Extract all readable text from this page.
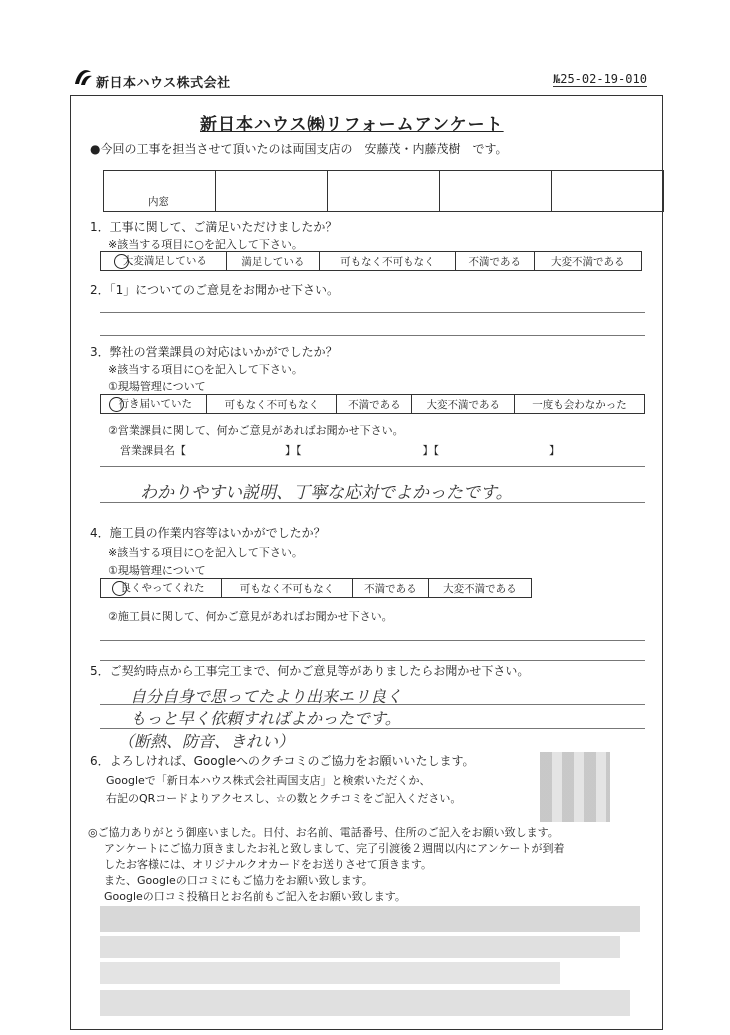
新日本ハウス株式会社	№25-02-19-010
新日本ハウス㈱リフォームアンケート
●今回の工事を担当させて頂いたのは両国支店の　安藤茂・内藤茂樹　です。
内窓				
1．工事に関して、ご満足いただけましたか？
※該当する項目に○を記入して下さい。
大変満足している	満足している	可もなく不可もなく	不満である	大変不満である
2．「1」についてのご意見をお聞かせ下さい。
3．弊社の営業課員の対応はいかがでしたか？
※該当する項目に○を記入して下さい。
①現場管理について
行き届いていた	可もなく不可もなく	不満である	大変不満である	一度も会わなかった
②営業課員に関して、何かご意見があればお聞かせ下さい。
営業課員名【　　　　　　　　　】【　　　　　　　　　　　】【　　　　　　　　　　】
わかりやすい説明、丁寧な応対でよかったです。
4．施工員の作業内容等はいかがでしたか？
※該当する項目に○を記入して下さい。
①現場管理について
良くやってくれた	可もなく不可もなく	不満である	大変不満である
②施工員に関して、何かご意見があればお聞かせ下さい。
5．ご契約時点から工事完工まで、何かご意見等がありましたらお聞かせ下さい。
自分自身で思ってたより出来エリ良く
もっと早く依頼すればよかったです。
（断熱、防音、きれい）
6．よろしければ、Googleへのクチコミのご協力をお願いいたします。
Googleで「新日本ハウス株式会社両国支店」と検索いただくか、
右記のQRコードよりアクセスし、☆の数とクチコミをご記入ください。
◎ご協力ありがとう御座いました。日付、お名前、電話番号、住所のご記入をお願い致します。
アンケートにご協力頂きましたお礼と致しまして、完了引渡後２週間以内にアンケートが到着
したお客様には、オリジナルクオカードをお送りさせて頂きます。
また、Googleの口コミにもご協力をお願い致します。
Googleの口コミ投稿日とお名前もご記入をお願い致します。
